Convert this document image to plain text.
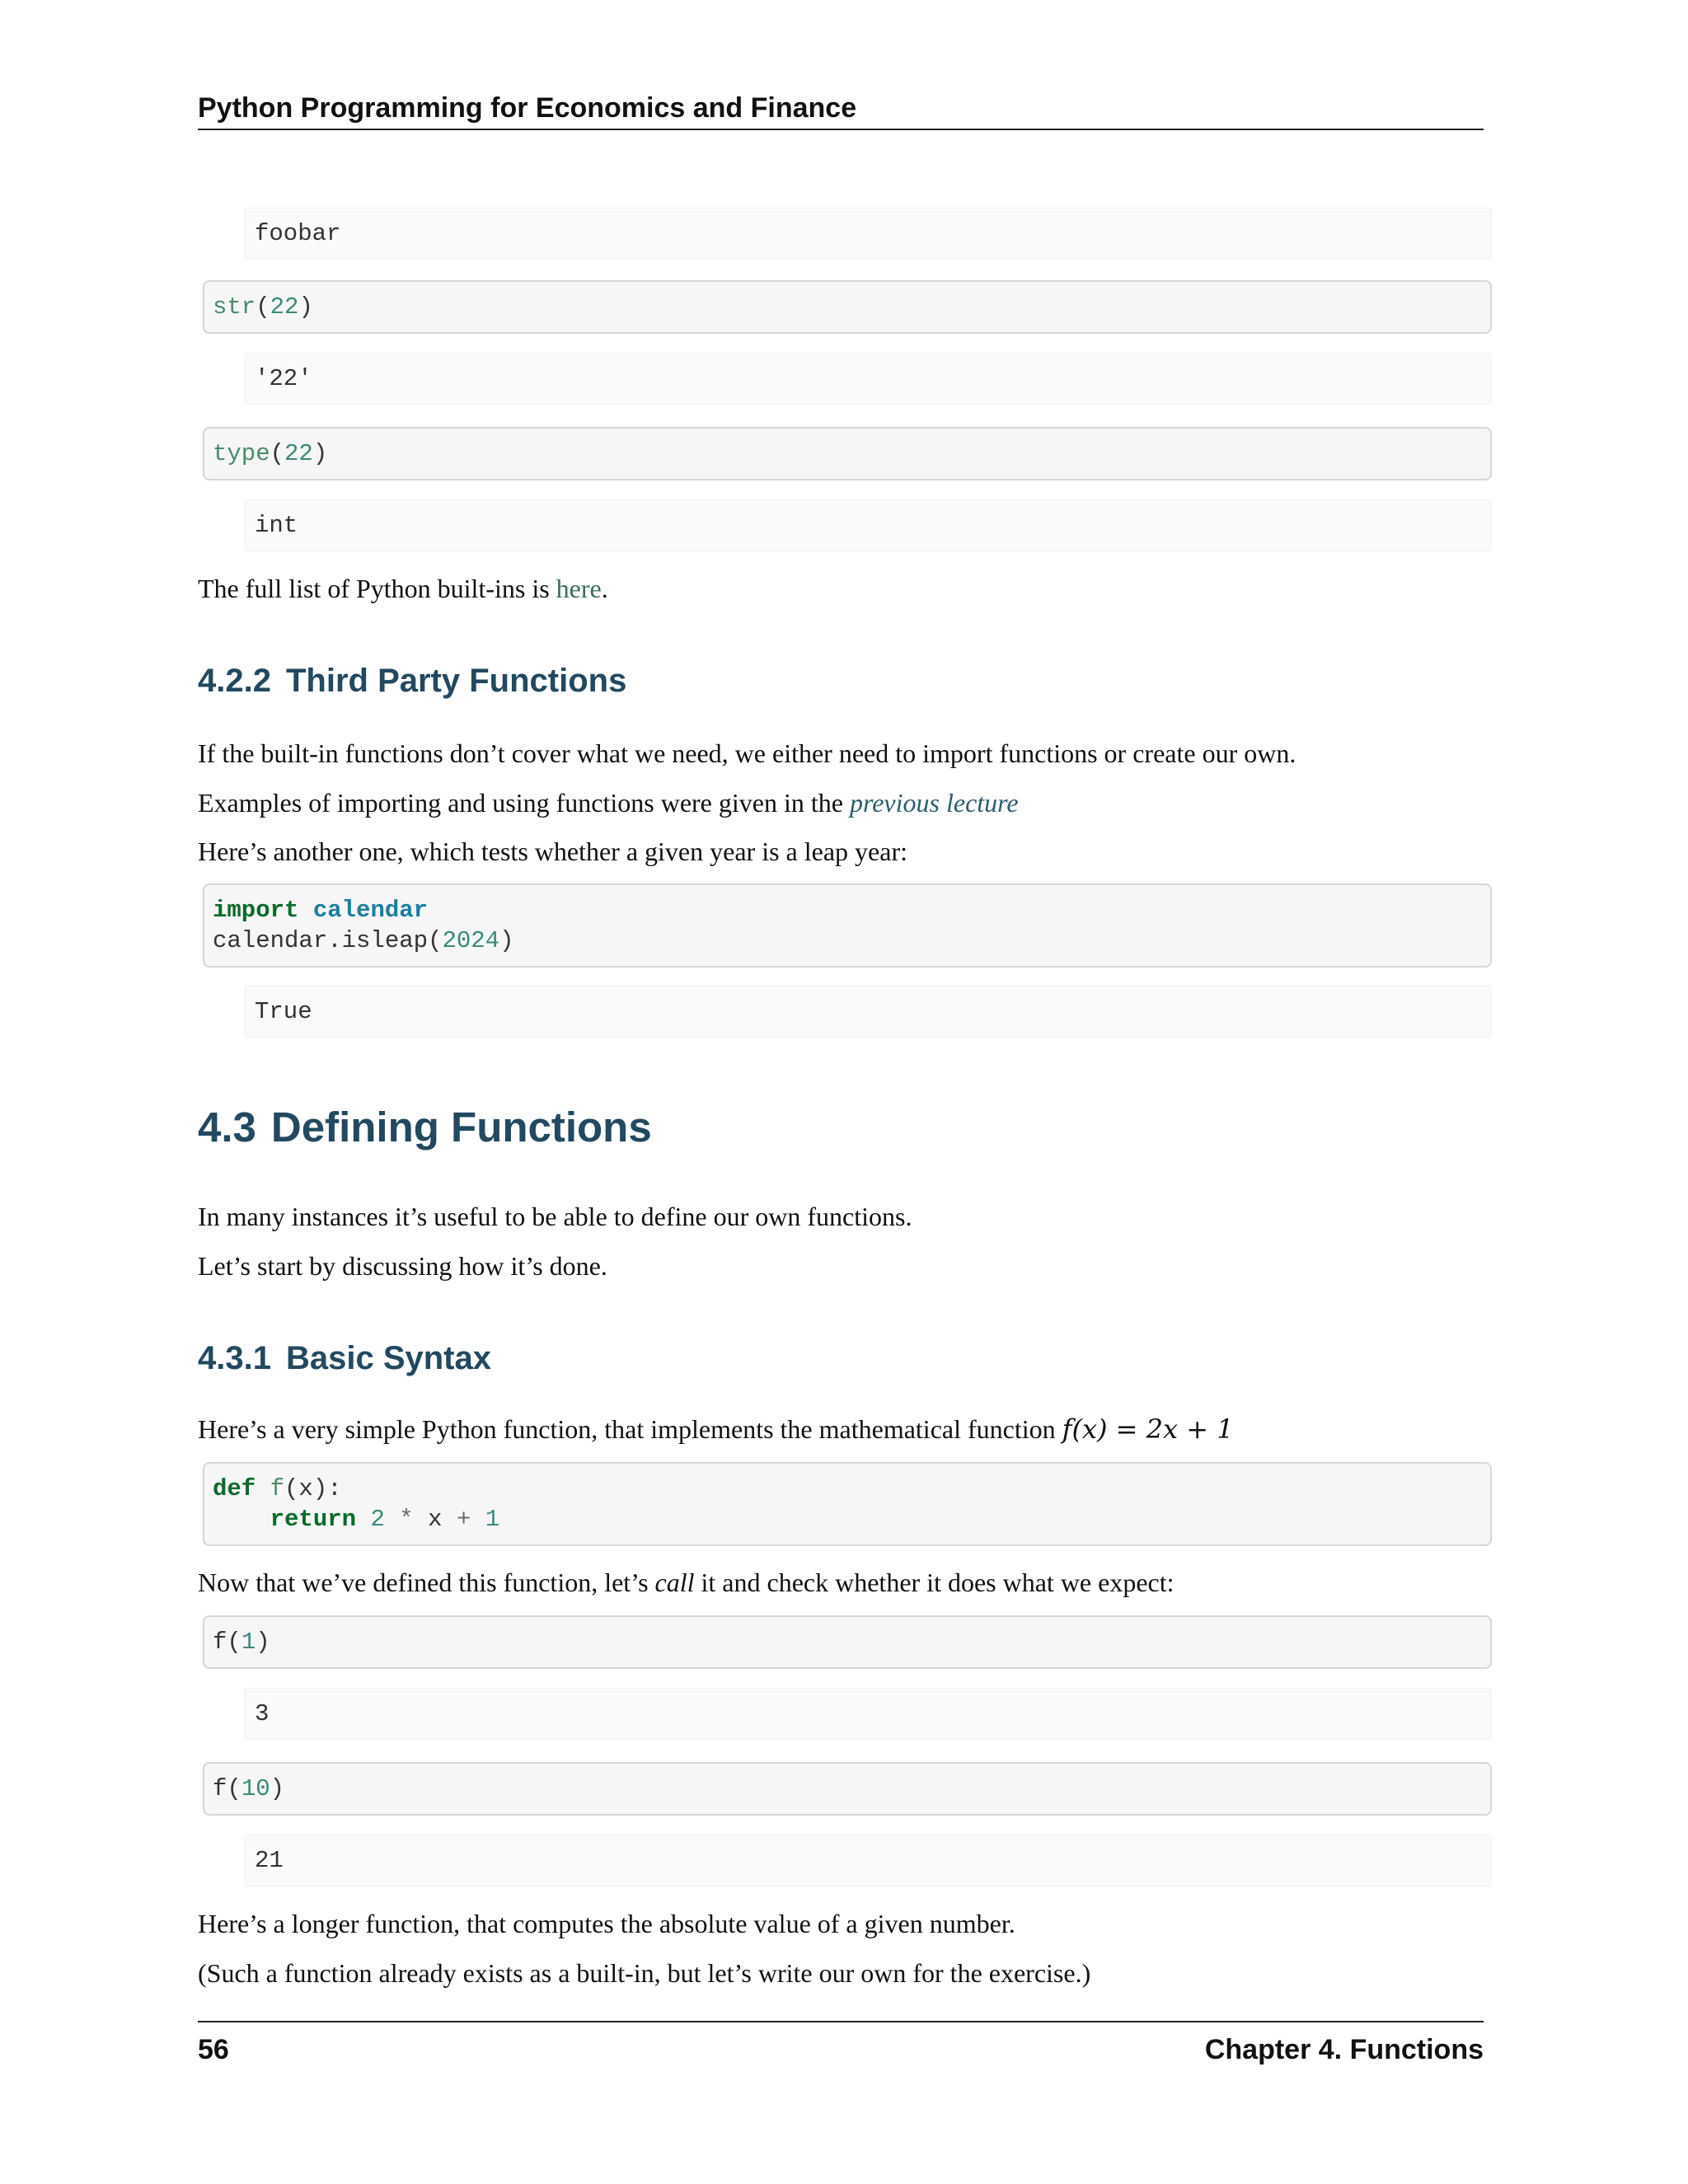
Python Programming for Economics and Finance
foobar
str(22)
'22'
type(22)
int
The full list of Python built-ins is here.
4.2.2 Third Party Functions
If the built-in functions don’t cover what we need, we either need to import functions or create our own.
Examples of importing and using functions were given in the previous lecture
Here’s another one, which tests whether a given year is a leap year:
import calendar
calendar.isleap(2024)
True
4.3 Defining Functions
In many instances it’s useful to be able to define our own functions.
Let’s start by discussing how it’s done.
4.3.1 Basic Syntax
Here’s a very simple Python function, that implements the mathematical function f(x) = 2x + 1
def f(x):
return 2 * x + 1
Now that we’ve defined this function, let’s call it and check whether it does what we expect:
f(1)
3
f(10)
21
Here’s a longer function, that computes the absolute value of a given number.
(Such a function already exists as a built-in, but let’s write our own for the exercise.)
56	Chapter 4. Functions
